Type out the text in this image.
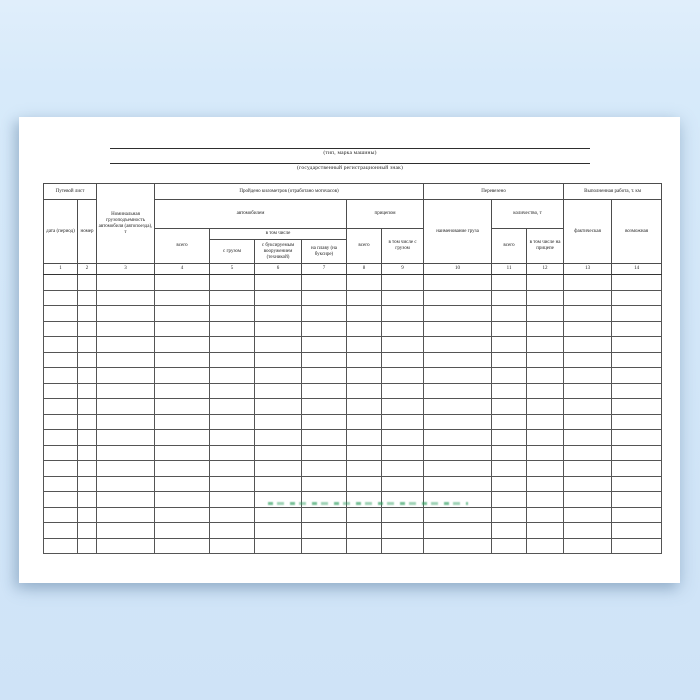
(тип, марка машины)
(государственный регистрационный знак)
Путевой лист		Номинальная грузоподъемность автомобиля (автопоезда), т	Пройдено километров (отработано моточасов)						Перевезено			Выполненная работа, т. км	
дата (период)	номер		автомобилем				прицепом		наименование груза	количество, т		фактическая	возможная
			всего	в том числе			всего	в том числе с грузом		всего	в том числе на прицепе		
				с грузом	с буксируемым вооружением (техникой)	на плаву (на буксире)							
1	2	3	4	5	6	7	8	9	10	11	12	13	14
